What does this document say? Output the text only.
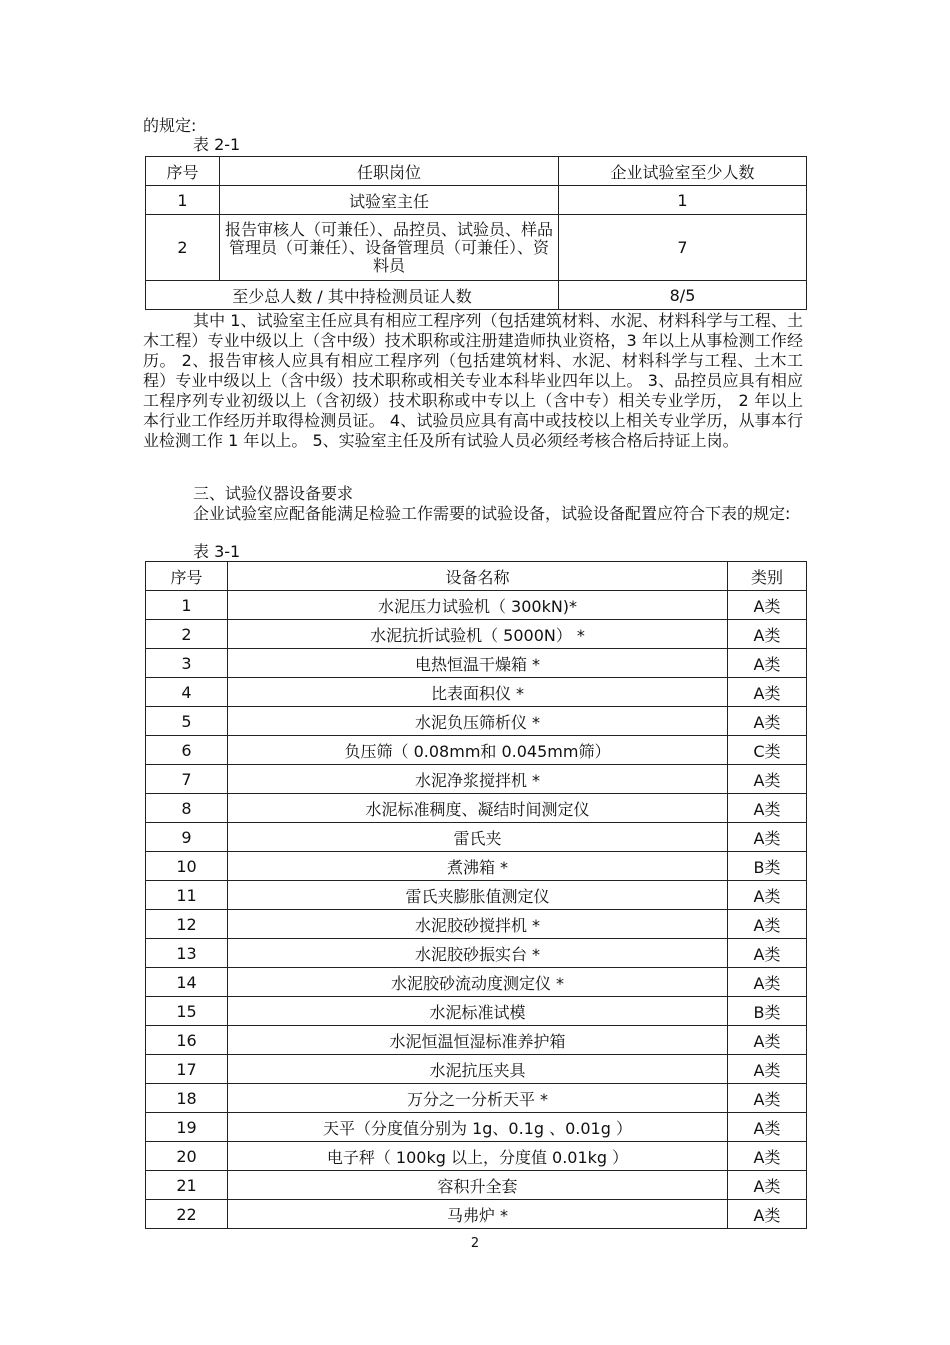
的规定:
表 2-1
序号	任职岗位	企业试验室至少人数
1	试验室主任	1
2	报告审核人（可兼任）、品控员、试验员、样品管理员（可兼任）、设备管理员（可兼任）、资料员	7
至少总人数 / 其中持检测员证人数		8/5
其中 1、试验室主任应具有相应工程序列（包括建筑材料、水泥、材料科学与工程、土木工程）专业中级以上（含中级）技术职称或注册建造师执业资格，3 年以上从事检测工作经历。 2、报告审核人应具有相应工程序列（包括建筑材料、水泥、材料科学与工程、土木工程）专业中级以上（含中级）技术职称或相关专业本科毕业四年以上。 3、品控员应具有相应工程序列专业初级以上（含初级）技术职称或中专以上（含中专）相关专业学历， 2 年以上本行业工作经历并取得检测员证。 4、试验员应具有高中或技校以上相关专业学历，从事本行业检测工作 1 年以上。 5、实验室主任及所有试验人员必须经考核合格后持证上岗。
三、试验仪器设备要求
企业试验室应配备能满足检验工作需要的试验设备，试验设备配置应符合下表的规定:
表 3-1
序号	设备名称	类别
1	水泥压力试验机（ 300kN)*	A类
2	水泥抗折试验机（ 5000N） *	A类
3	电热恒温干燥箱 *	A类
4	比表面积仪 *	A类
5	水泥负压筛析仪 *	A类
6	负压筛（ 0.08mm和 0.045mm筛）	C类
7	水泥净浆搅拌机 *	A类
8	水泥标准稠度、凝结时间测定仪	A类
9	雷氏夹	A类
10	煮沸箱 *	B类
11	雷氏夹膨胀值测定仪	A类
12	水泥胶砂搅拌机 *	A类
13	水泥胶砂振实台 *	A类
14	水泥胶砂流动度测定仪 *	A类
15	水泥标准试模	B类
16	水泥恒温恒湿标准养护箱	A类
17	水泥抗压夹具	A类
18	万分之一分析天平 *	A类
19	天平（分度值分别为 1g、0.1g 、0.01g ）	A类
20	电子秤（ 100kg 以上，分度值 0.01kg ）	A类
21	容积升全套	A类
22	马弗炉 *	A类
2
